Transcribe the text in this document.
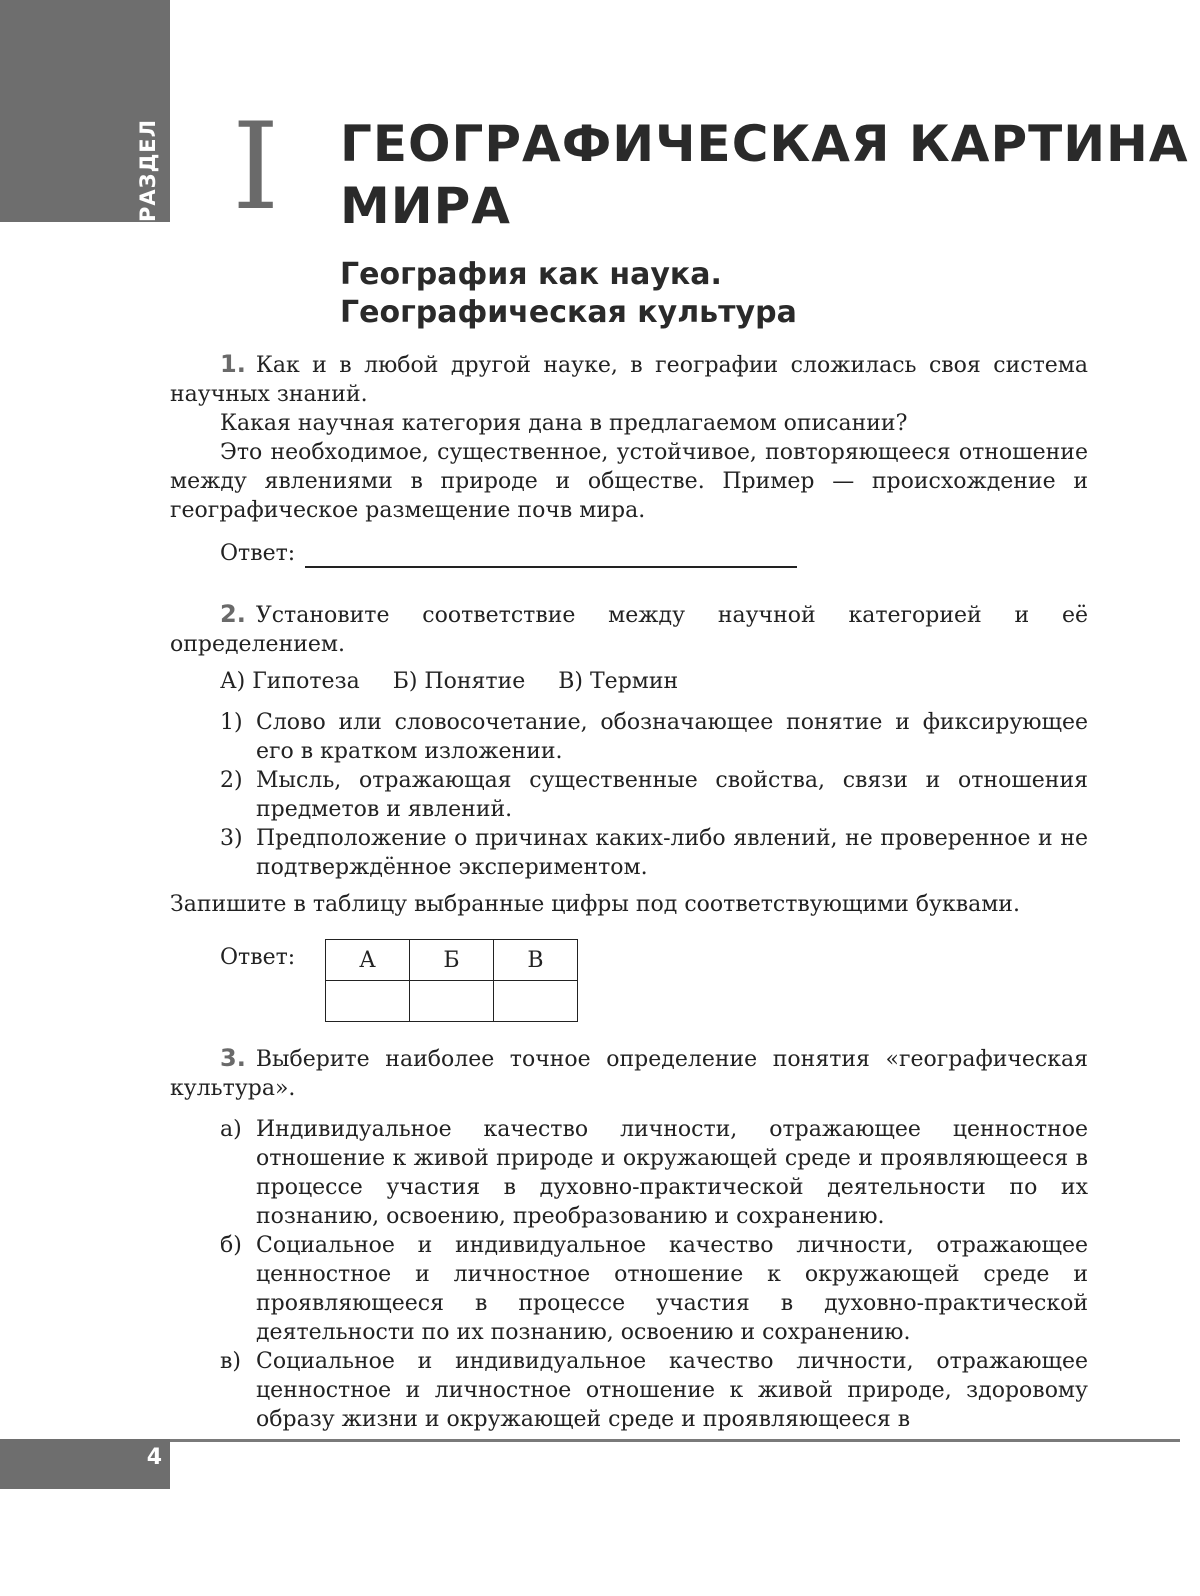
РАЗДЕЛ I ГЕОГРАФИЧЕСКАЯ КАРТИНА
МИРА
География как наука.
Географическая культура

1. Как и в любой другой науке, в географии сложилась своя система научных знаний.

Какая научная категория дана в предлагаемом описании?

Это необходимое, существенное, устойчивое, повторяющееся отношение между явлениями в природе и обществе. Пример — происхождение и географическое размещение почв мира.

Ответ:

2. Установите соответствие между научной категорией и её определением.

А) Гипотеза Б) Понятие В) Термин
1) Слово или словосочетание, обозначающее понятие и фиксирующее его в кратком изложении.
2) Мысль, отражающая существенные свойства, связи и отношения предметов и явлений.
3) Предположение о причинах каких-либо явлений, не проверенное и не подтверждённое экспериментом.
Запишите в таблицу выбранные цифры под соответствующими буквами.
Ответ:	А	Б	В

3. Выберите наиболее точное определение понятия «географическая культура».

а) Индивидуальное качество личности, отражающее ценностное отношение к живой природе и окружающей среде и проявляющееся в процессе участия в духовно-практической деятельности по их познанию, освоению, преобразованию и сохранению.
б) Социальное и индивидуальное качество личности, отражающее ценностное и личностное отношение к окружающей среде и проявляющееся в процессе участия в духовно-практической деятельности по их познанию, освоению и сохранению.
в) Социальное и индивидуальное качество личности, отражающее ценностное и личностное отношение к живой природе, здоровому образу жизни и окружающей среде и проявляющееся в
4
